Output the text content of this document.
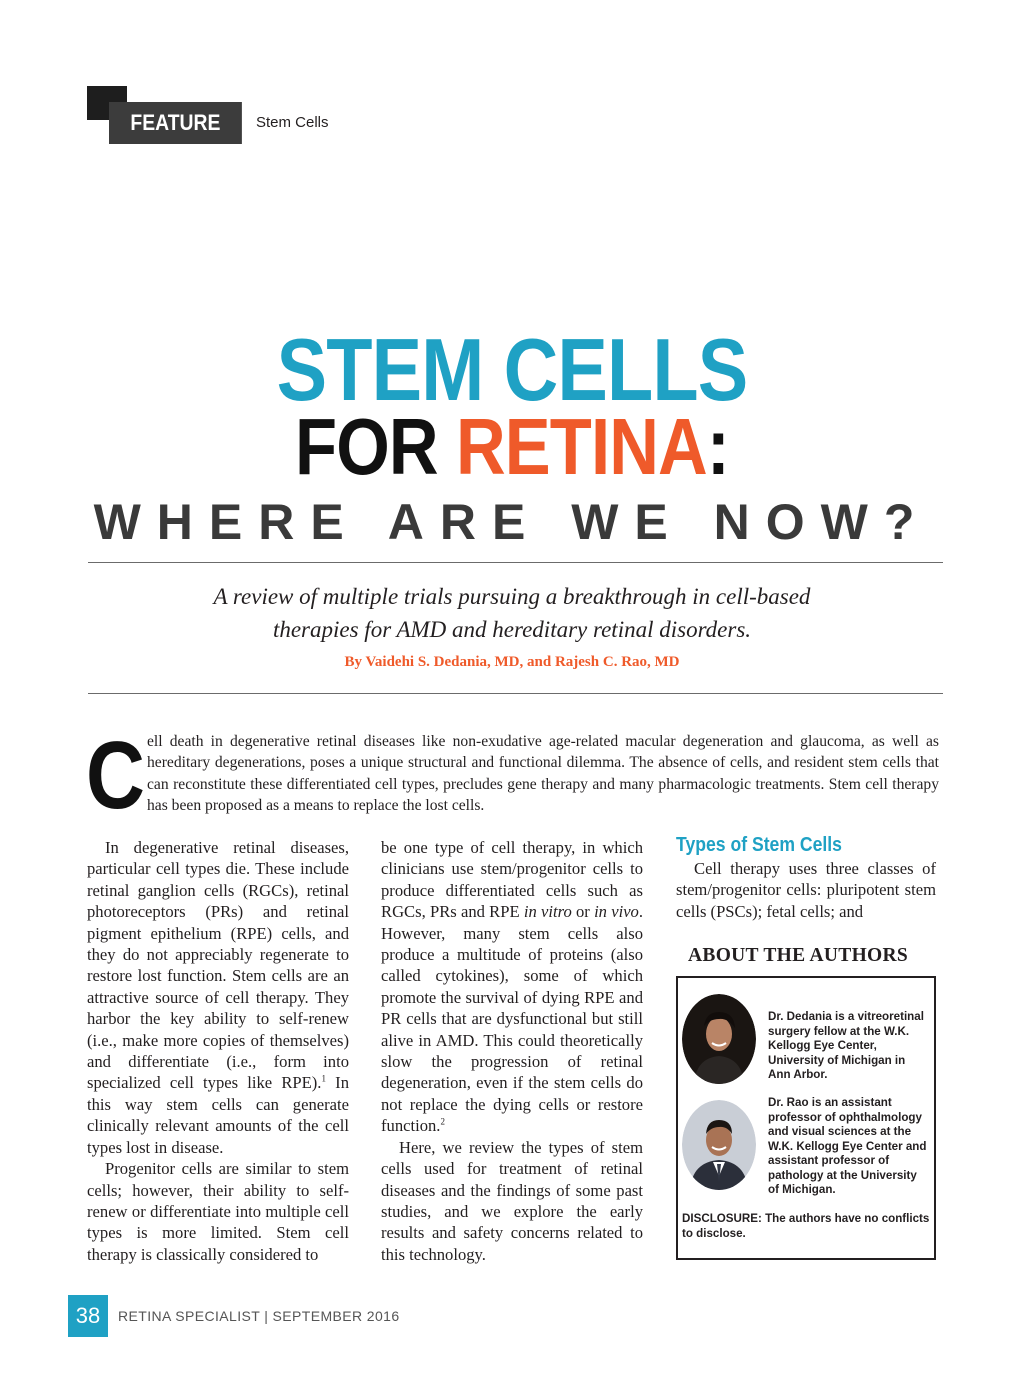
FEATURE	Stem Cells
STEM CELLS
FOR RETINA:
WHERE ARE WE NOW?
A review of multiple trials pursuing a breakthrough in cell-based
therapies for AMD and hereditary retinal disorders.
By Vaidehi S. Dedania, MD, and Rajesh C. Rao, MD
C ell death in degenerative retinal diseases like non-exudative age-related macular degeneration and glaucoma, as well as hereditary degenerations, poses a unique structural and functional dilemma. The absence of cells, and resident stem cells that can reconstitute these differentiated cell types, precludes gene therapy and many pharmacologic treatments. Stem cell therapy has been proposed as a means to replace the lost cells.

In degenerative retinal diseases, particular cell types die. These include retinal ganglion cells (RGCs), retinal photoreceptors (PRs) and retinal pigment epithelium (RPE) cells, and they do not appreciably regenerate to restore lost function. Stem cells are an attractive source of cell therapy. They harbor the key ability to self-renew (i.e., make more copies of themselves) and differentiate (i.e., form into specialized cell types like RPE).$^1$ In this way stem cells can generate clinically relevant amounts of the cell types lost in disease.

Progenitor cells are similar to stem cells; however, their ability to self-renew or differentiate into multiple cell types is more limited. Stem cell therapy is classically considered to

be one type of cell therapy, in which clinicians use stem/progenitor cells to produce differentiated cells such as RGCs, PRs and RPE in vitro or in vivo. However, many stem cells also produce a multitude of proteins (also called cytokines), some of which promote the survival of dying RPE and PR cells that are dysfunctional but still alive in AMD. This could theoretically slow the progression of retinal degeneration, even if the stem cells do not replace the dying cells or restore function.$^2$

Here, we review the types of stem cells used for treatment of retinal diseases and the findings of some past studies, and we explore the early results and safety concerns related to this technology.

Types of Stem Cells

Cell therapy uses three classes of stem/progenitor cells: pluripotent stem cells (PSCs); fetal cells; and

ABOUT THE AUTHORS
Dr. Dedania is a vitreoretinal surgery fellow at the W.K. Kellogg Eye Center, University of Michigan in Ann Arbor.
Dr. Rao is an assistant professor of ophthalmology and visual sciences at the W.K. Kellogg Eye Center and assistant professor of pathology at the University of Michigan.
DISCLOSURE: The authors have no conflicts to disclose.
38	RETINA SPECIALIST | SEPTEMBER 2016
